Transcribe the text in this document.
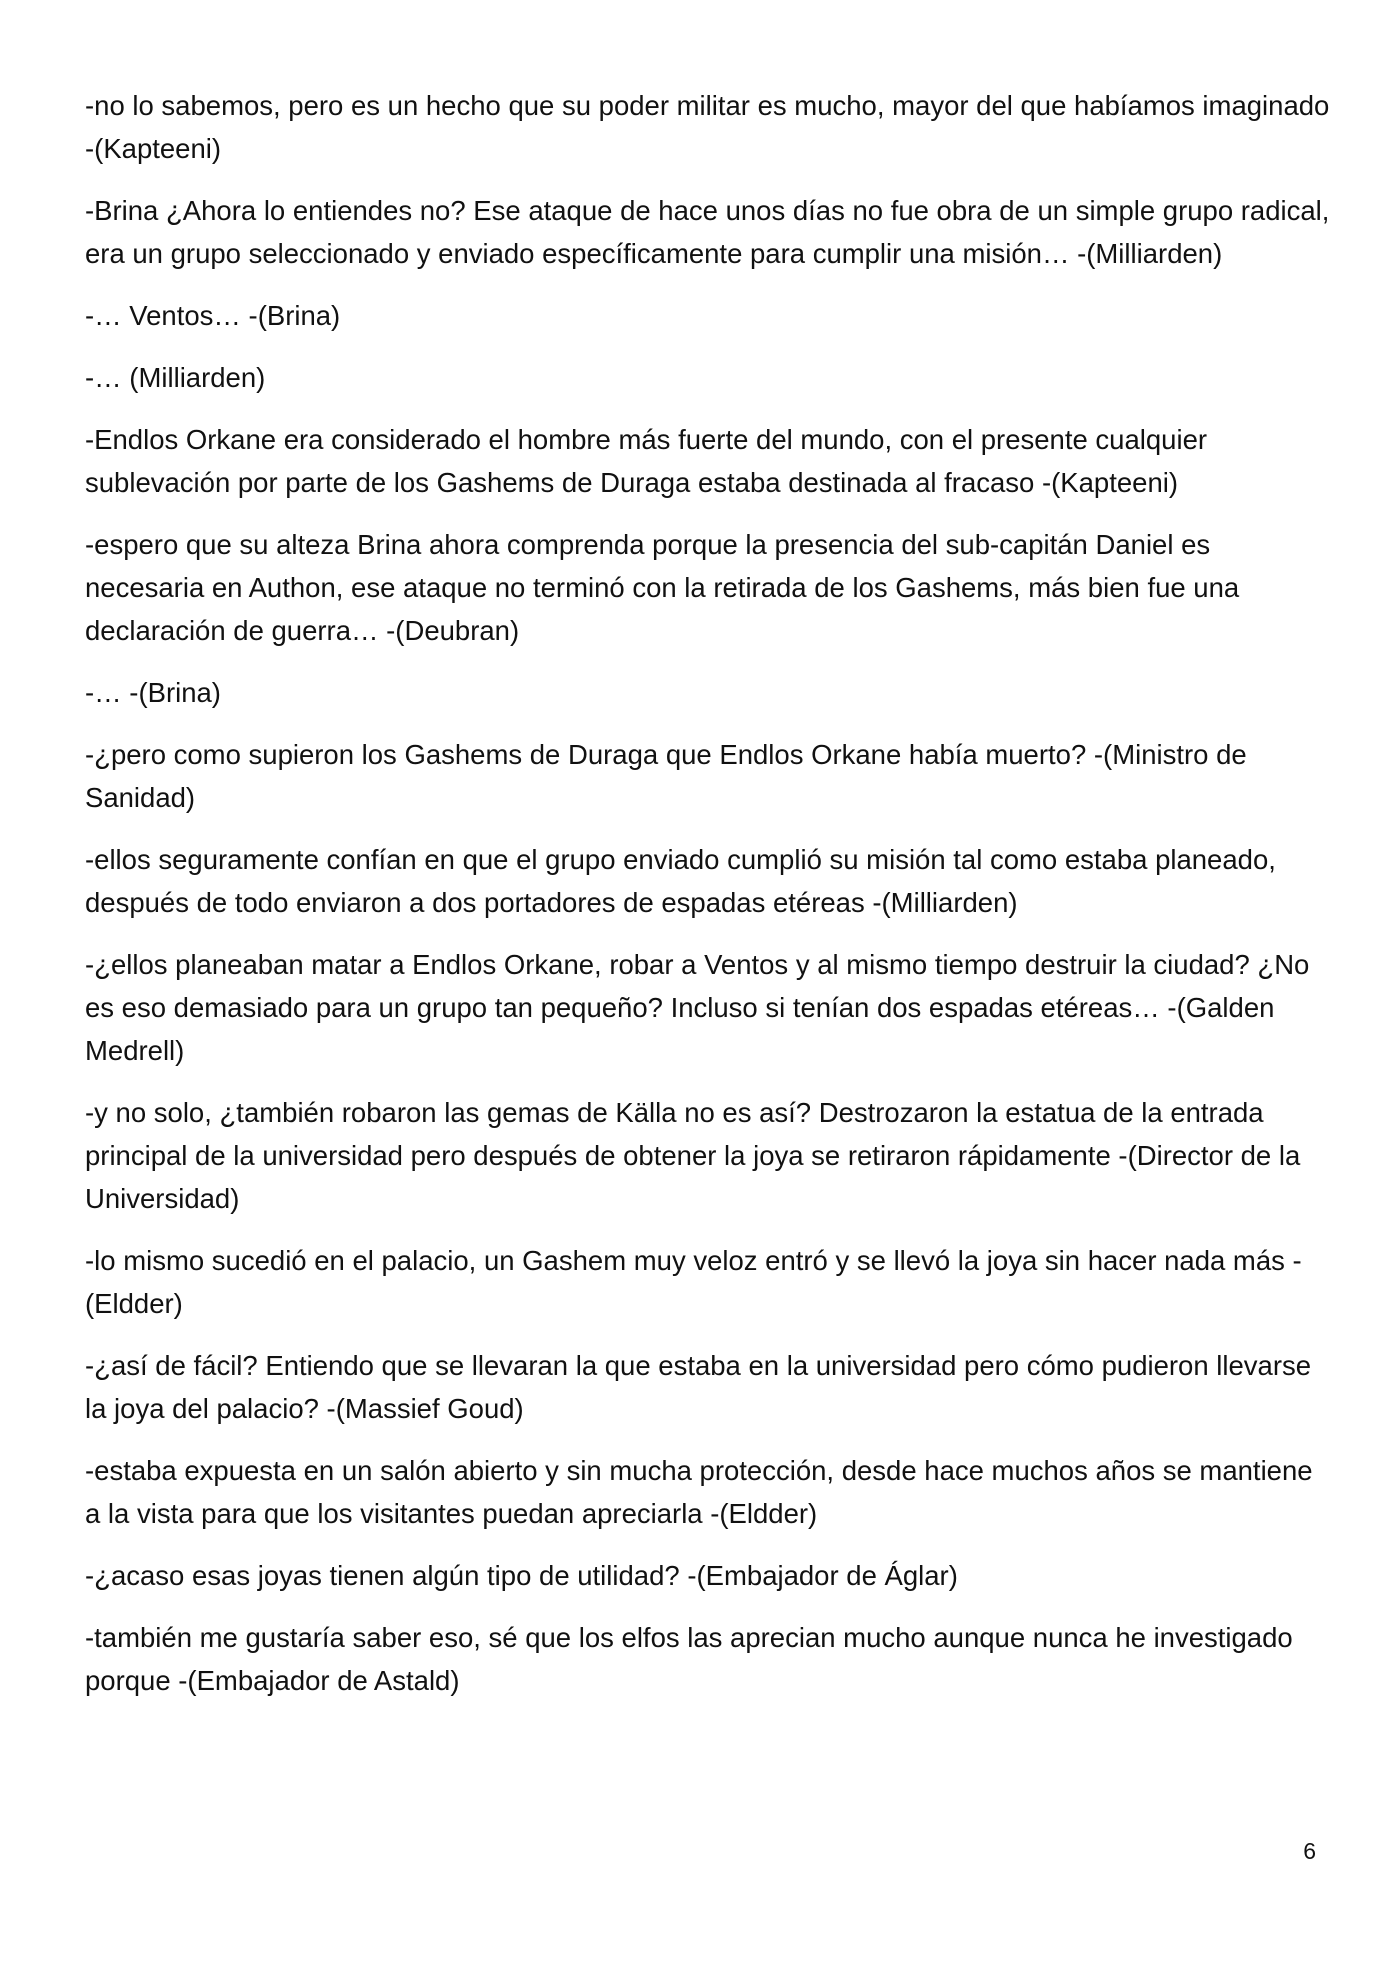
-no lo sabemos, pero es un hecho que su poder militar es mucho, mayor del que habíamos imaginado -(Kapteeni)

-Brina ¿Ahora lo entiendes no? Ese ataque de hace unos días no fue obra de un simple grupo radical, era un grupo seleccionado y enviado específicamente para cumplir una misión… -(Milliarden)

-… Ventos… -(Brina)

-… (Milliarden)

-Endlos Orkane era considerado el hombre más fuerte del mundo, con el presente cualquier sublevación por parte de los Gashems de Duraga estaba destinada al fracaso -(Kapteeni)

-espero que su alteza Brina ahora comprenda porque la presencia del sub-capitán Daniel es necesaria en Authon, ese ataque no terminó con la retirada de los Gashems, más bien fue una declaración de guerra… -(Deubran)

-… -(Brina)

-¿pero como supieron los Gashems de Duraga que Endlos Orkane había muerto? -(Ministro de Sanidad)

-ellos seguramente confían en que el grupo enviado cumplió su misión tal como estaba planeado, después de todo enviaron a dos portadores de espadas etéreas -(Milliarden)

-¿ellos planeaban matar a Endlos Orkane, robar a Ventos y al mismo tiempo destruir la ciudad? ¿No es eso demasiado para un grupo tan pequeño? Incluso si tenían dos espadas etéreas… -(Galden Medrell)

-y no solo, ¿también robaron las gemas de Källa no es así? Destrozaron la estatua de la entrada principal de la universidad pero después de obtener la joya se retiraron rápidamente -(Director de la Universidad)

-lo mismo sucedió en el palacio, un Gashem muy veloz entró y se llevó la joya sin hacer nada más -(Eldder)

-¿así de fácil? Entiendo que se llevaran la que estaba en la universidad pero cómo pudieron llevarse la joya del palacio? -(Massief Goud)

-estaba expuesta en un salón abierto y sin mucha protección, desde hace muchos años se mantiene a la vista para que los visitantes puedan apreciarla -(Eldder)

-¿acaso esas joyas tienen algún tipo de utilidad? -(Embajador de Áglar)

-también me gustaría saber eso, sé que los elfos las aprecian mucho aunque nunca he investigado porque -(Embajador de Astald)

6
